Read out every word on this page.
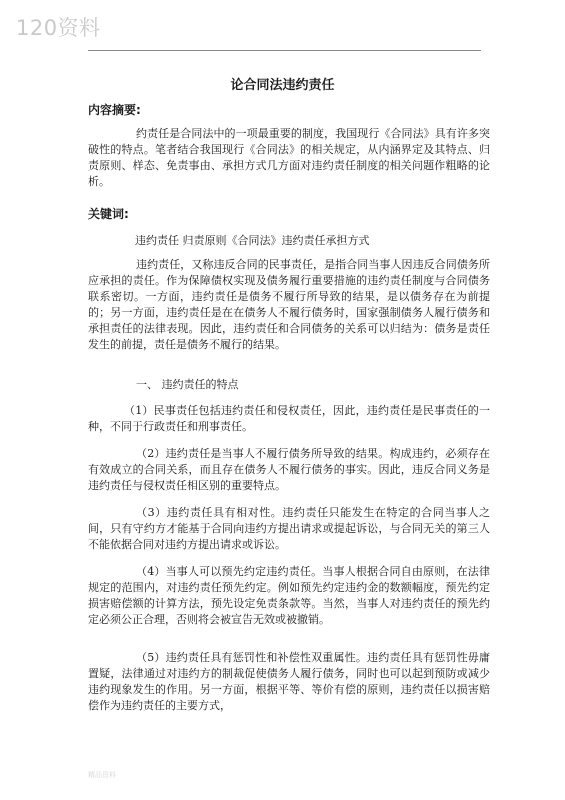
120资料
论合同法违约责任
内容摘要:

约责任是合同法中的一项最重要的制度，我国现行《合同法》具有许多突破性的特点。笔者结合我国现行《合同法》的相关规定，从内涵界定及其特点、归责原则、样态、免责事由、承担方式几方面对违约责任制度的相关问题作粗略的论析。

关键词:
违约责任 归责原则《合同法》违约责任承担方式

违约责任，又称违反合同的民事责任，是指合同当事人因违反合同债务所应承担的责任。作为保障债权实现及债务履行重要措施的违约责任制度与合同债务联系密切。一方面，违约责任是债务不履行所导致的结果，是以债务存在为前提的；另一方面，违约责任是在在债务人不履行债务时，国家强制债务人履行债务和承担责任的法律表现。因此，违约责任和合同债务的关系可以归结为：债务是责任发生的前提，责任是债务不履行的结果。

一、 违约责任的特点

（1）民事责任包括违约责任和侵权责任，因此，违约责任是民事责任的一种，不同于行政责任和刑事责任。

（2）违约责任是当事人不履行债务所导致的结果。构成违约，必须存在有效成立的合同关系，而且存在债务人不履行债务的事实。因此，违反合同义务是违约责任与侵权责任相区别的重要特点。

（3）违约责任具有相对性。违约责任只能发生在特定的合同当事人之间，只有守约方才能基于合同向违约方提出请求或提起诉讼，与合同无关的第三人不能依据合同对违约方提出请求或诉讼。

（4）当事人可以预先约定违约责任。当事人根据合同自由原则，在法律规定的范围内，对违约责任预先约定。例如预先约定违约金的数额幅度，预先约定损害赔偿额的计算方法，预先设定免责条款等。当然，当事人对违约责任的预先约定必须公正合理，否则将会被宣告无效或被撤销。

（5）违约责任具有惩罚性和补偿性双重属性。违约责任具有惩罚性毋庸置疑，法律通过对违约方的制裁促使债务人履行债务，同时也可以起到预防或减少违约现象发生的作用。另一方面，根据平等、等价有偿的原则，违约责任以损害赔偿作为违约责任的主要方式，

精品资料
